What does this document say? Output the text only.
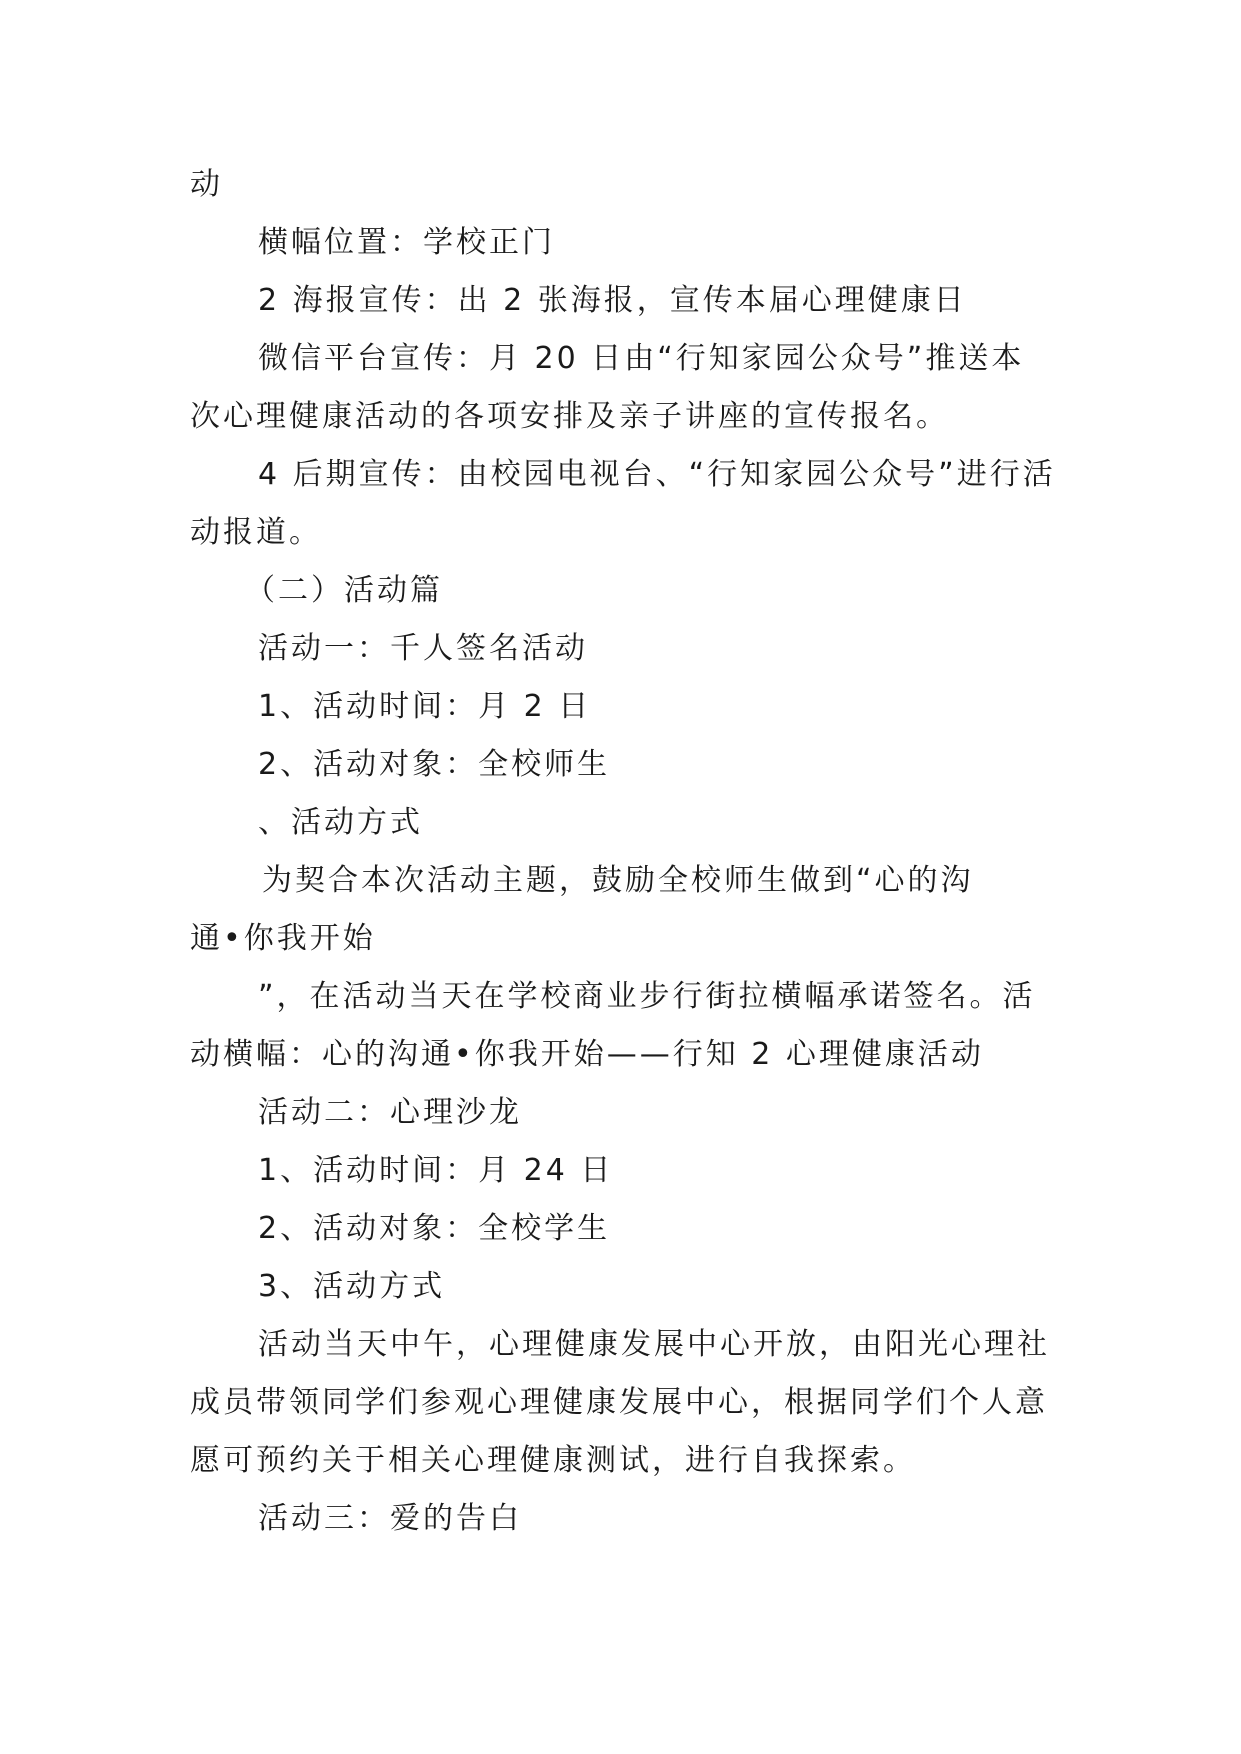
动
横幅位置：学校正门
2 海报宣传：出 2 张海报，宣传本届心理健康日
微信平台宣传：月 20 日由“行知家园公众号”推送本
次心理健康活动的各项安排及亲子讲座的宣传报名。
4 后期宣传：由校园电视台、“行知家园公众号”进行活
动报道。
（二）活动篇
活动一：千人签名活动
1、活动时间：月 2 日
2、活动对象：全校师生
、活动方式
为契合本次活动主题，鼓励全校师生做到“心的沟
通•你我开始
”，在活动当天在学校商业步行街拉横幅承诺签名。活
动横幅：心的沟通•你我开始——行知 2 心理健康活动
活动二：心理沙龙
1、活动时间：月 24 日
2、活动对象：全校学生
3、活动方式
活动当天中午，心理健康发展中心开放，由阳光心理社
成员带领同学们参观心理健康发展中心，根据同学们个人意
愿可预约关于相关心理健康测试，进行自我探索。
活动三：爱的告白
